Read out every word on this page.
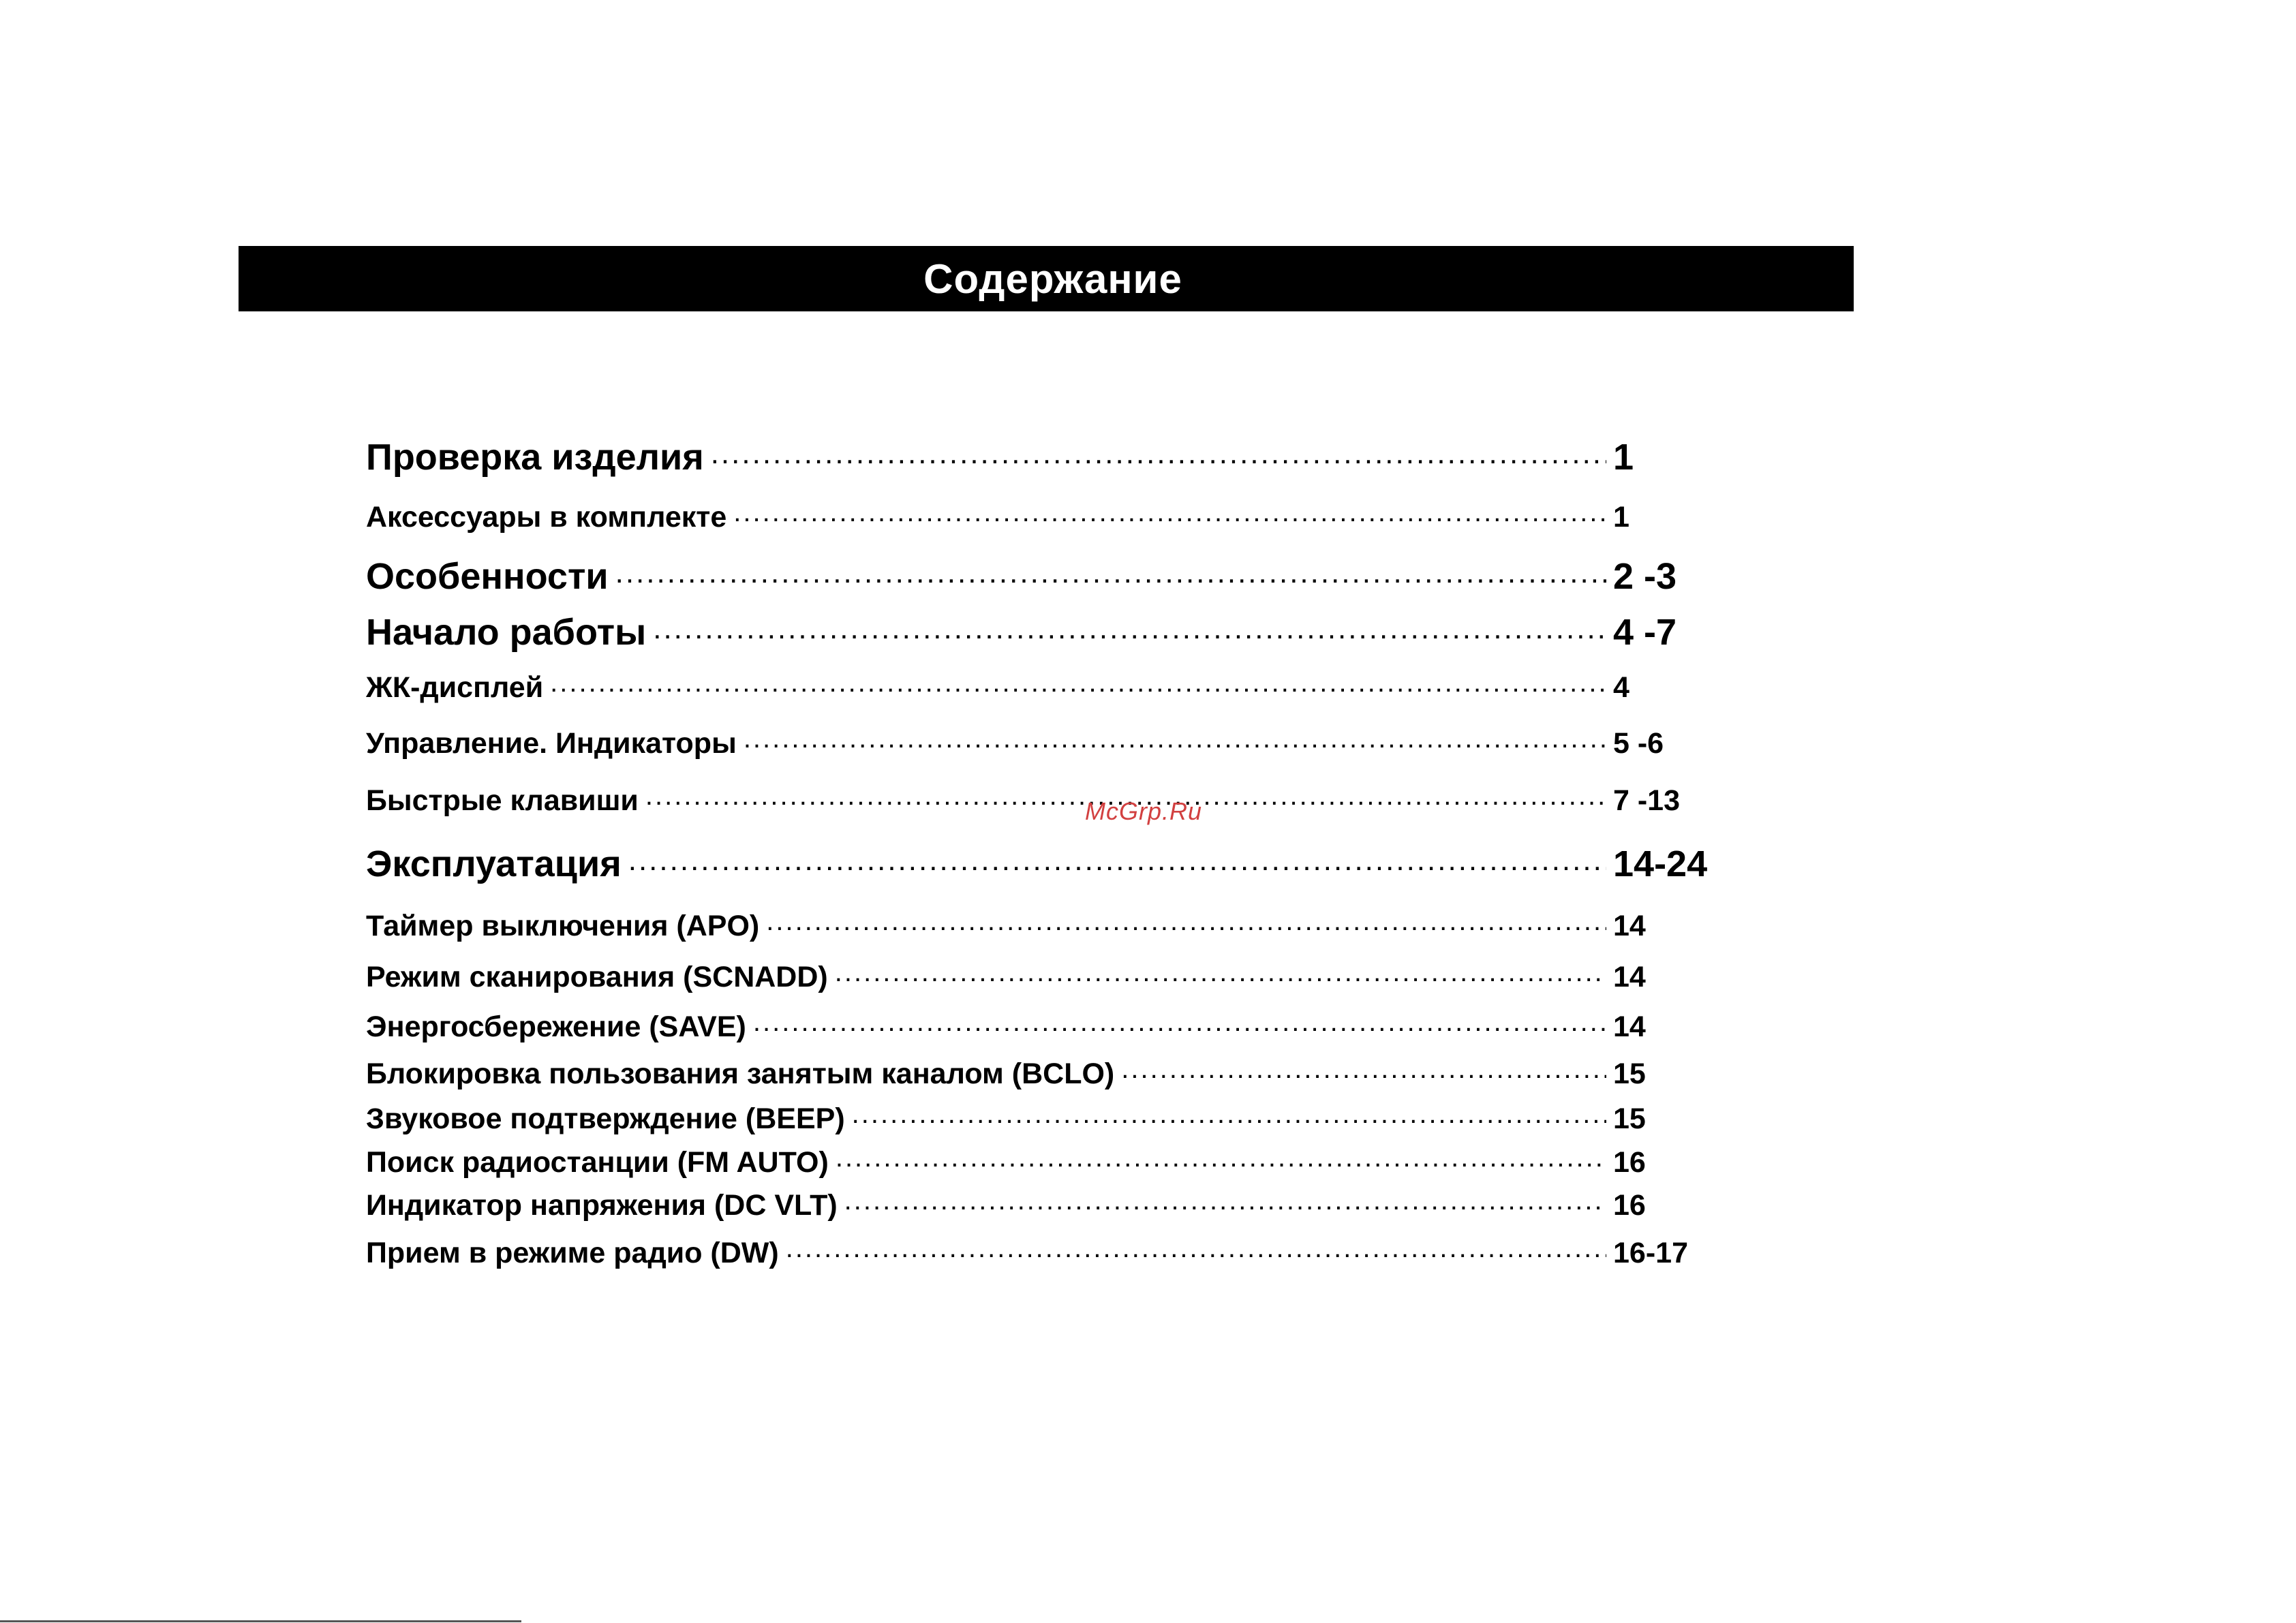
Содержание
Проверка изделия .....	1
Аксессуары в комплекте .....	1
Особенности .....	2 -3
Начало работы .....	4 -7
ЖК-дисплей .....	4
Управление. Индикаторы .....	5 -6
Быстрые клавиши .....	7 -13
Эксплуатация .....	14-24
Таймер выключения (APO) .....	14
Режим сканирования (SCNADD) .....	14
Энергосбережение (SAVE) .....	14
Блокировка пользования занятым каналом (BCLO) .....	15
Звуковое подтверждение (BEEP) .....	15
Поиск радиостанции (FM AUTO) .....	16
Индикатор напряжения (DC VLT) .....	16
Прием в режиме радио (DW) .....	16-17
McGrp.Ru
